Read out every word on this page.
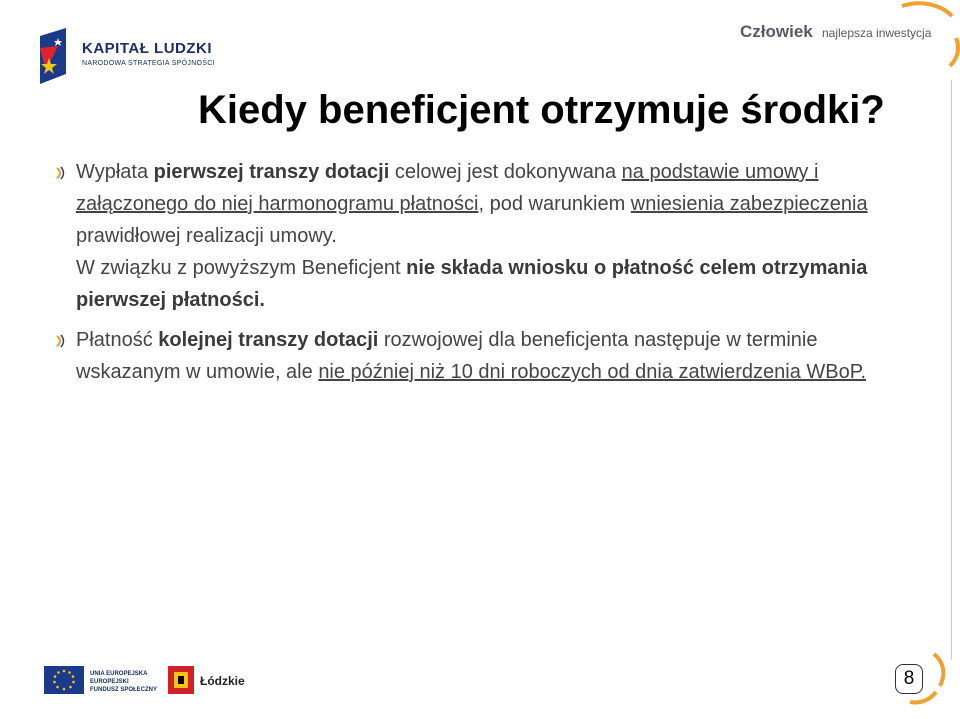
KAPITAŁ LUDZKI
NARODOWA STRATEGIA SPÓJNOŚCI
Człowiek najlepsza inwestycja
Kiedy beneficjent otrzymuje środki?
Wypłata pierwszej transzy dotacji celowej jest dokonywana na podstawie umowy i załączonego do niej harmonogramu płatności, pod warunkiem wniesienia zabezpieczenia prawidłowej realizacji umowy.
W związku z powyższym Beneficjent nie składa wniosku o płatność celem otrzymania pierwszej płatności.
Płatność kolejnej transzy dotacji rozwojowej dla beneficjenta następuje w terminie wskazanym w umowie, ale nie później niż 10 dni roboczych od dnia zatwierdzenia WBoP.
UNIA EUROPEJSKA
EUROPEJSKI
FUNDUSZ SPOŁECZNY
Łódzkie	8
